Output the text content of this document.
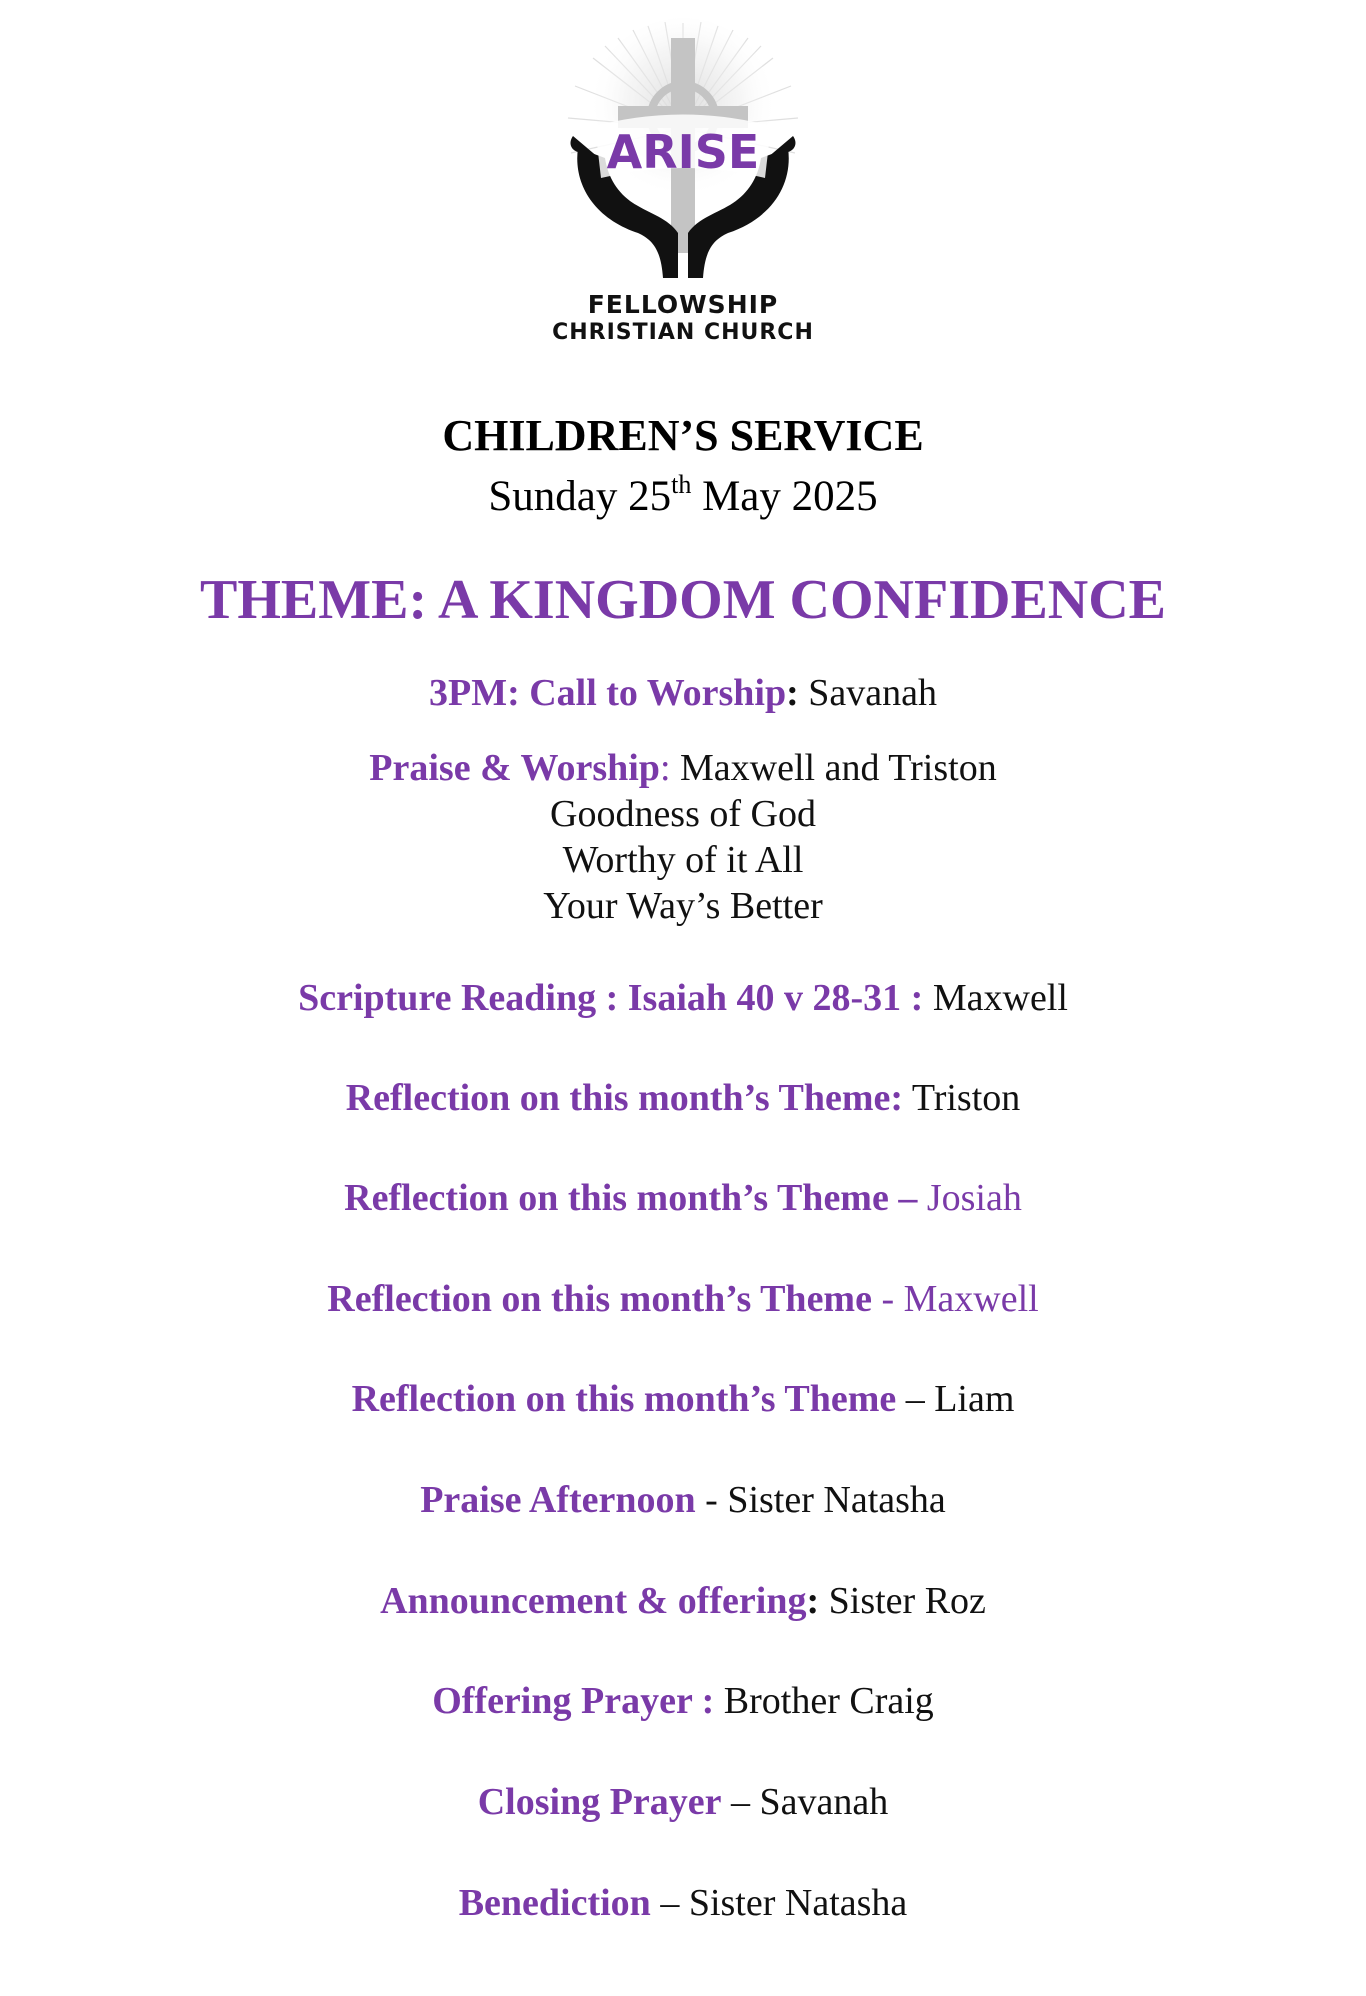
ARISE
FELLOWSHIP
CHRISTIAN CHURCH
CHILDREN’S SERVICE
Sunday 25th May 2025
THEME: A KINGDOM CONFIDENCE
3PM: Call to Worship: Savanah
Praise & Worship: Maxwell and Triston
Goodness of God
Worthy of it All
Your Way’s Better
Scripture Reading : Isaiah 40 v 28-31 : Maxwell
Reflection on this month’s Theme: Triston
Reflection on this month’s Theme – Josiah
Reflection on this month’s Theme - Maxwell
Reflection on this month’s Theme – Liam
Praise Afternoon - Sister Natasha
Announcement & offering: Sister Roz
Offering Prayer : Brother Craig
Closing Prayer – Savanah
Benediction – Sister Natasha
